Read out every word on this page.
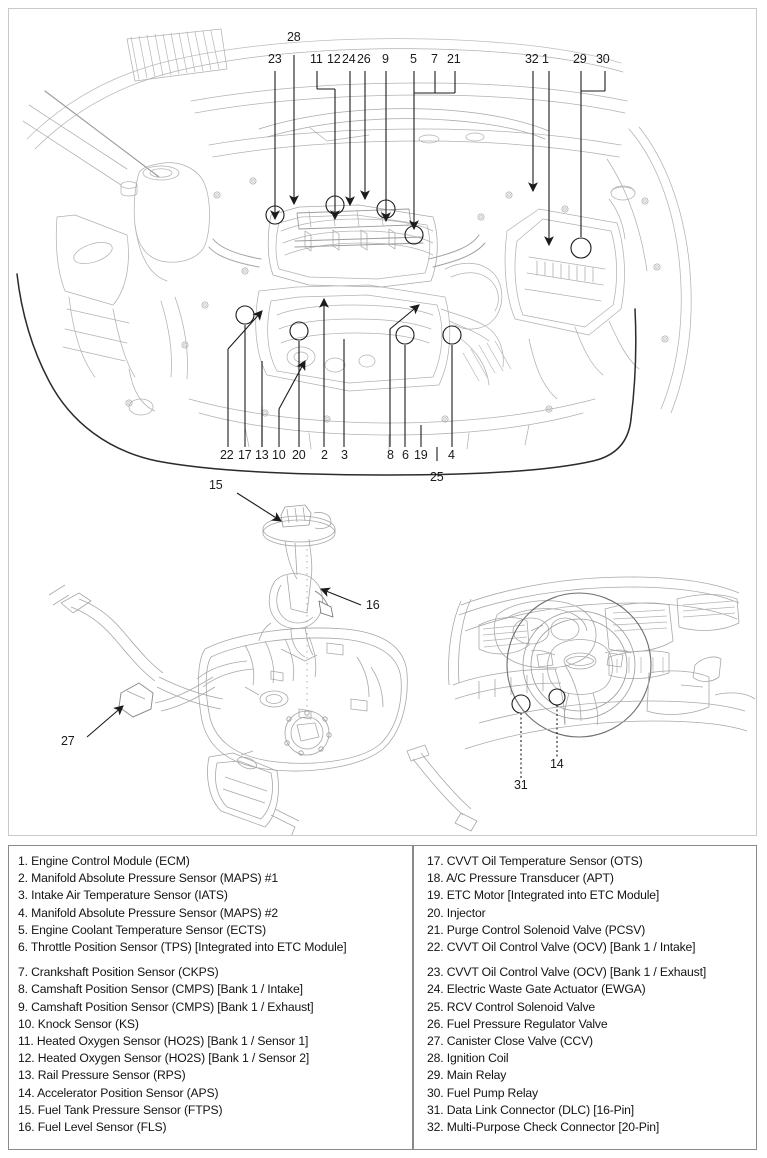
28
23 11 12 24 26 9 5 7 21	32 1 29 30
22 17 13 10 20 2 3	8 6 19 4
25
15
16
27
31
14
1. Engine Control Module (ECM)
2. Manifold Absolute Pressure Sensor (MAPS) #1
3. Intake Air Temperature Sensor (IATS)
4. Manifold Absolute Pressure Sensor (MAPS) #2
5. Engine Coolant Temperature Sensor (ECTS)
6. Throttle Position Sensor (TPS) [Integrated into ETC Module]
7. Crankshaft Position Sensor (CKPS)
8. Camshaft Position Sensor (CMPS) [Bank 1 / Intake]
9. Camshaft Position Sensor (CMPS) [Bank 1 / Exhaust]
10. Knock Sensor (KS)
11. Heated Oxygen Sensor (HO2S) [Bank 1 / Sensor 1]
12. Heated Oxygen Sensor (HO2S) [Bank 1 / Sensor 2]
13. Rail Pressure Sensor (RPS)
14. Accelerator Position Sensor (APS)
15. Fuel Tank Pressure Sensor (FTPS)
16. Fuel Level Sensor (FLS)
17. CVVT Oil Temperature Sensor (OTS)
18. A/C Pressure Transducer (APT)
19. ETC Motor [Integrated into ETC Module]
20. Injector
21. Purge Control Solenoid Valve (PCSV)
22. CVVT Oil Control Valve (OCV) [Bank 1 / Intake]
23. CVVT Oil Control Valve (OCV) [Bank 1 / Exhaust]
24. Electric Waste Gate Actuator (EWGA)
25. RCV Control Solenoid Valve
26. Fuel Pressure Regulator Valve
27. Canister Close Valve (CCV)
28. Ignition Coil
29. Main Relay
30. Fuel Pump Relay
31. Data Link Connector (DLC) [16-Pin]
32. Multi-Purpose Check Connector [20-Pin]
